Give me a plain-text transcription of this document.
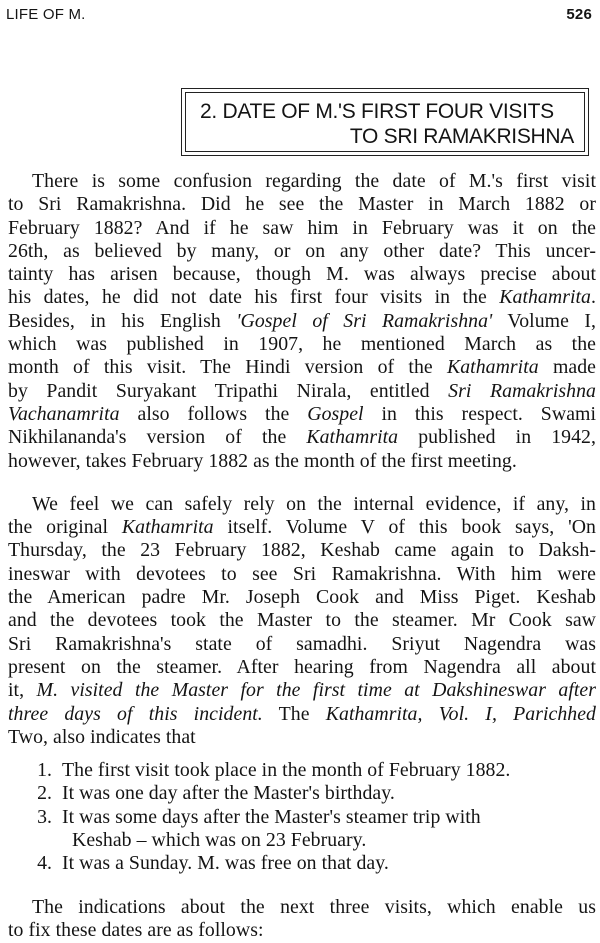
LIFE OF M.	526
2. DATE OF M.'S FIRST FOUR VISITS
TO SRI RAMAKRISHNA
There is some confusion regarding the date of M.'s first visit
to Sri Ramakrishna. Did he see the Master in March 1882 or
February 1882? And if he saw him in February was it on the
26th, as believed by many, or on any other date? This uncer-
tainty has arisen because, though M. was always precise about
his dates, he did not date his first four visits in the Kathamrita.
Besides, in his English 'Gospel of Sri Ramakrishna' Volume I,
which was published in 1907, he mentioned March as the
month of this visit. The Hindi version of the Kathamrita made
by Pandit Suryakant Tripathi Nirala, entitled Sri Ramakrishna
Vachanamrita also follows the Gospel in this respect. Swami
Nikhilananda's version of the Kathamrita published in 1942,
however, takes February 1882 as the month of the first meeting.
We feel we can safely rely on the internal evidence, if any, in
the original Kathamrita itself. Volume V of this book says, 'On
Thursday, the 23 February 1882, Keshab came again to Daksh-
ineswar with devotees to see Sri Ramakrishna. With him were
the American padre Mr. Joseph Cook and Miss Piget. Keshab
and the devotees took the Master to the steamer. Mr Cook saw
Sri Ramakrishna's state of samadhi. Sriyut Nagendra was
present on the steamer. After hearing from Nagendra all about
it, M. visited the Master for the first time at Dakshineswar after
three days of this incident. The Kathamrita, Vol. I, Parichhed
Two, also indicates that
1. The first visit took place in the month of February 1882.
2. It was one day after the Master's birthday.
3. It was some days after the Master's steamer trip with
Keshab – which was on 23 February.
4. It was a Sunday. M. was free on that day.
The indications about the next three visits, which enable us
to fix these dates are as follows:
